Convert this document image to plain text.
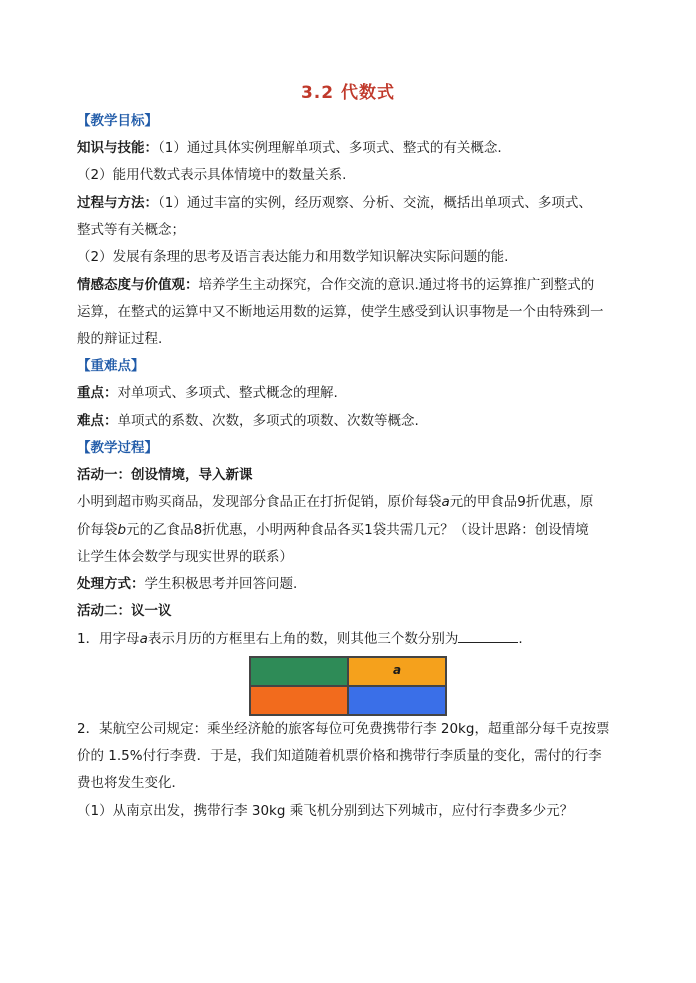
3.2 代数式
【教学目标】
知识与技能：（1）通过具体实例理解单项式、多项式、整式的有关概念.
（2）能用代数式表示具体情境中的数量关系.
过程与方法：（1）通过丰富的实例，经历观察、分析、交流，概括出单项式、多项式、
整式等有关概念；
（2）发展有条理的思考及语言表达能力和用数学知识解决实际问题的能.
情感态度与价值观：培养学生主动探究，合作交流的意识.通过将书的运算推广到整式的
运算，在整式的运算中又不断地运用数的运算，使学生感受到认识事物是一个由特殊到一
般的辩证过程.
【重难点】
重点：对单项式、多项式、整式概念的理解.
难点：单项式的系数、次数，多项式的项数、次数等概念.
【教学过程】
活动一：创设情境，导入新课
小明到超市购买商品，发现部分食品正在打折促销，原价每袋a元的甲食品9折优惠，原
价每袋b元的乙食品8折优惠，小明两种食品各买1袋共需几元？（设计思路：创设情境
让学生体会数学与现实世界的联系）
处理方式：学生积极思考并回答问题.
活动二：议一议
1．用字母a表示月历的方框里右上角的数，则其他三个数分别为	.
a
2．某航空公司规定：乘坐经济舱的旅客每位可免费携带行李 20kg，超重部分每千克按票
价的 1.5%付行李费．于是，我们知道随着机票价格和携带行李质量的变化，需付的行李
费也将发生变化．
（1）从南京出发，携带行李 30kg 乘飞机分别到达下列城市，应付行李费多少元？
